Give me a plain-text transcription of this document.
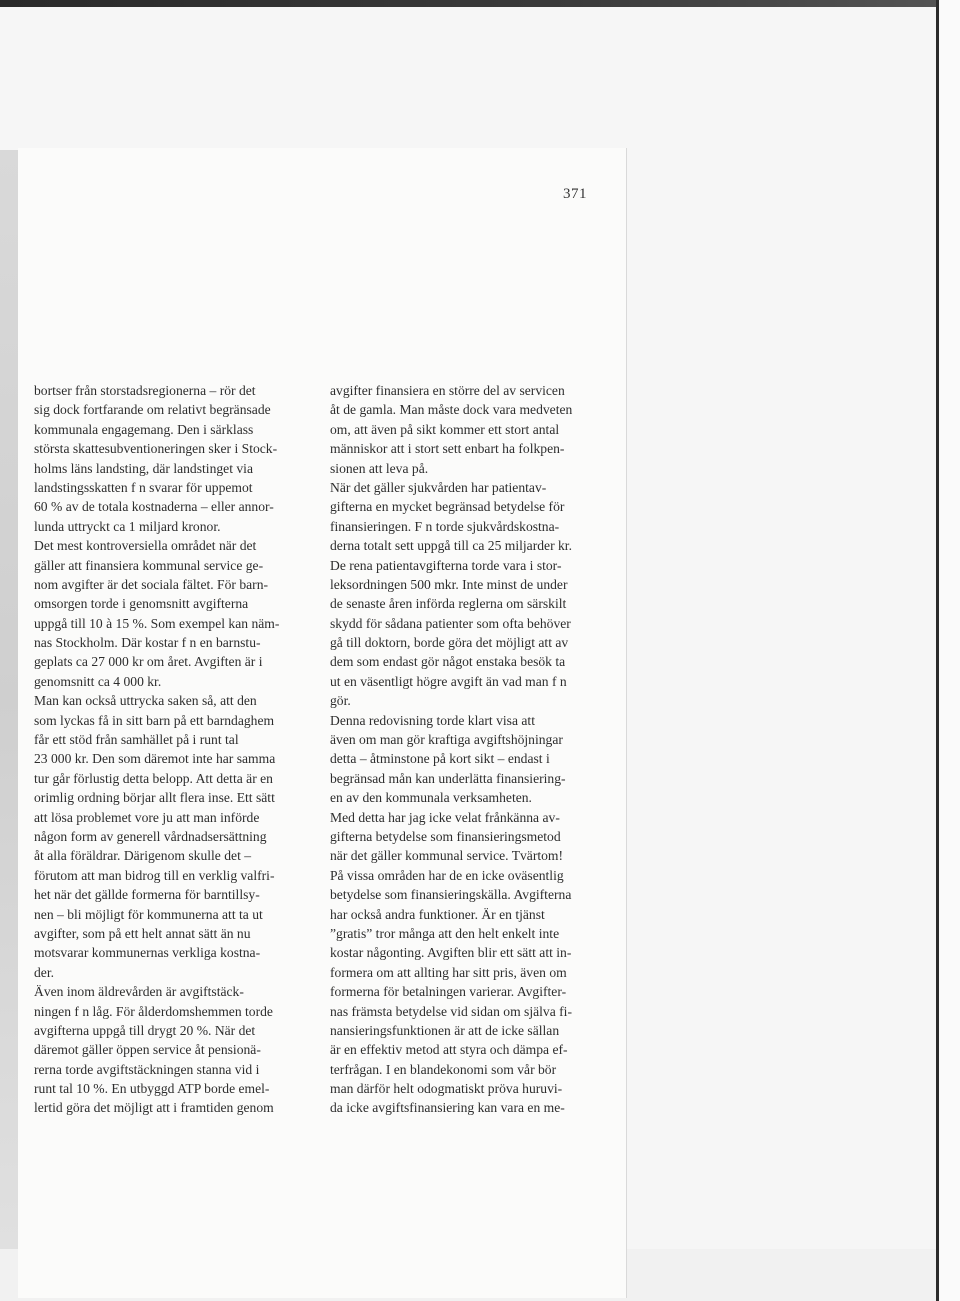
371
bortser från storstadsregionerna – rör det
sig dock fortfarande om relativt begränsade
kommunala engagemang. Den i särklass
största skattesubventioneringen sker i Stock-
holms läns landsting, där landstinget via
landstingsskatten f n svarar för uppemot
60 % av de totala kostnaderna – eller annor-
lunda uttryckt ca 1 miljard kronor.
Det mest kontroversiella området när det
gäller att finansiera kommunal service ge-
nom avgifter är det sociala fältet. För barn-
omsorgen torde i genomsnitt avgifterna
uppgå till 10 à 15 %. Som exempel kan näm-
nas Stockholm. Där kostar f n en barnstu-
geplats ca 27 000 kr om året. Avgiften är i
genomsnitt ca 4 000 kr.
Man kan också uttrycka saken så, att den
som lyckas få in sitt barn på ett barndaghem
får ett stöd från samhället på i runt tal
23 000 kr. Den som däremot inte har samma
tur går förlustig detta belopp. Att detta är en
orimlig ordning börjar allt flera inse. Ett sätt
att lösa problemet vore ju att man införde
någon form av generell vårdnadsersättning
åt alla föräldrar. Därigenom skulle det –
förutom att man bidrog till en verklig valfri-
het när det gällde formerna för barntillsy-
nen – bli möjligt för kommunerna att ta ut
avgifter, som på ett helt annat sätt än nu
motsvarar kommunernas verkliga kostna-
der.
Även inom äldrevården är avgiftstäck-
ningen f n låg. För ålderdomshemmen torde
avgifterna uppgå till drygt 20 %. När det
däremot gäller öppen service åt pensionä-
rerna torde avgiftstäckningen stanna vid i
runt tal 10 %. En utbyggd ATP borde emel-
lertid göra det möjligt att i framtiden genom
avgifter finansiera en större del av servicen
åt de gamla. Man måste dock vara medveten
om, att även på sikt kommer ett stort antal
människor att i stort sett enbart ha folkpen-
sionen att leva på.
När det gäller sjukvården har patientav-
gifterna en mycket begränsad betydelse för
finansieringen. F n torde sjukvårdskostna-
derna totalt sett uppgå till ca 25 miljarder kr.
De rena patientavgifterna torde vara i stor-
leksordningen 500 mkr. Inte minst de under
de senaste åren införda reglerna om särskilt
skydd för sådana patienter som ofta behöver
gå till doktorn, borde göra det möjligt att av
dem som endast gör något enstaka besök ta
ut en väsentligt högre avgift än vad man f n
gör.
Denna redovisning torde klart visa att
även om man gör kraftiga avgiftshöjningar
detta – åtminstone på kort sikt – endast i
begränsad mån kan underlätta finansiering-
en av den kommunala verksamheten.
Med detta har jag icke velat frånkänna av-
gifterna betydelse som finansieringsmetod
när det gäller kommunal service. Tvärtom!
På vissa områden har de en icke oväsentlig
betydelse som finansieringskälla. Avgifterna
har också andra funktioner. Är en tjänst
”gratis” tror många att den helt enkelt inte
kostar någonting. Avgiften blir ett sätt att in-
formera om att allting har sitt pris, även om
formerna för betalningen varierar. Avgifter-
nas främsta betydelse vid sidan om själva fi-
nansieringsfunktionen är att de icke sällan
är en effektiv metod att styra och dämpa ef-
terfrågan. I en blandekonomi som vår bör
man därför helt odogmatiskt pröva huruvi-
da icke avgiftsfinansiering kan vara en me-
